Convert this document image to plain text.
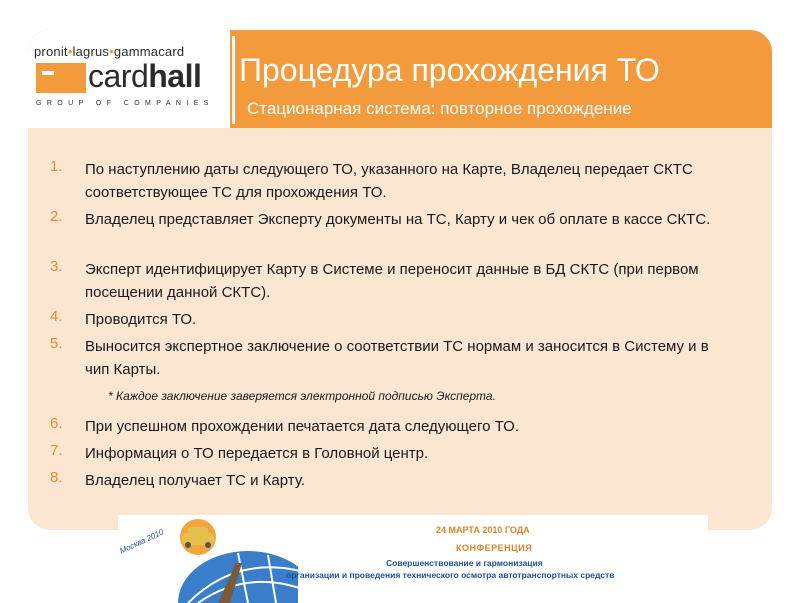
pronit•lagrus•gammacard
cardhall
GROUP OF COMPANIES
Процедура прохождения ТО
Стационарная система: повторное прохождение
1. По наступлению даты следующего ТО, указанного на Карте, Владелец передает СКТС соответствующее ТС для прохождения ТО.
2. Владелец представляет Эксперту документы на ТС, Карту и чек об оплате в кассе СКТС.
3. Эксперт идентифицирует Карту в Системе и переносит данные в БД СКТС (при первом посещении данной СКТС).
4. Проводится ТО.
5. Выносится экспертное заключение о соответствии ТС нормам и заносится в Систему и в чип Карты.
* Каждое заключение заверяется электронной подписью Эксперта.
6. При успешном прохождении печатается дата следующего ТО.
7. Информация о ТО передается в Головной центр.
8. Владелец получает ТС и Карту.
Москва 2010	24 МАРТА 2010 ГОДА
КОНФЕРЕНЦИЯ
Совершенствование и гармонизация
организации и проведения технического осмотра автотранспортных средств
